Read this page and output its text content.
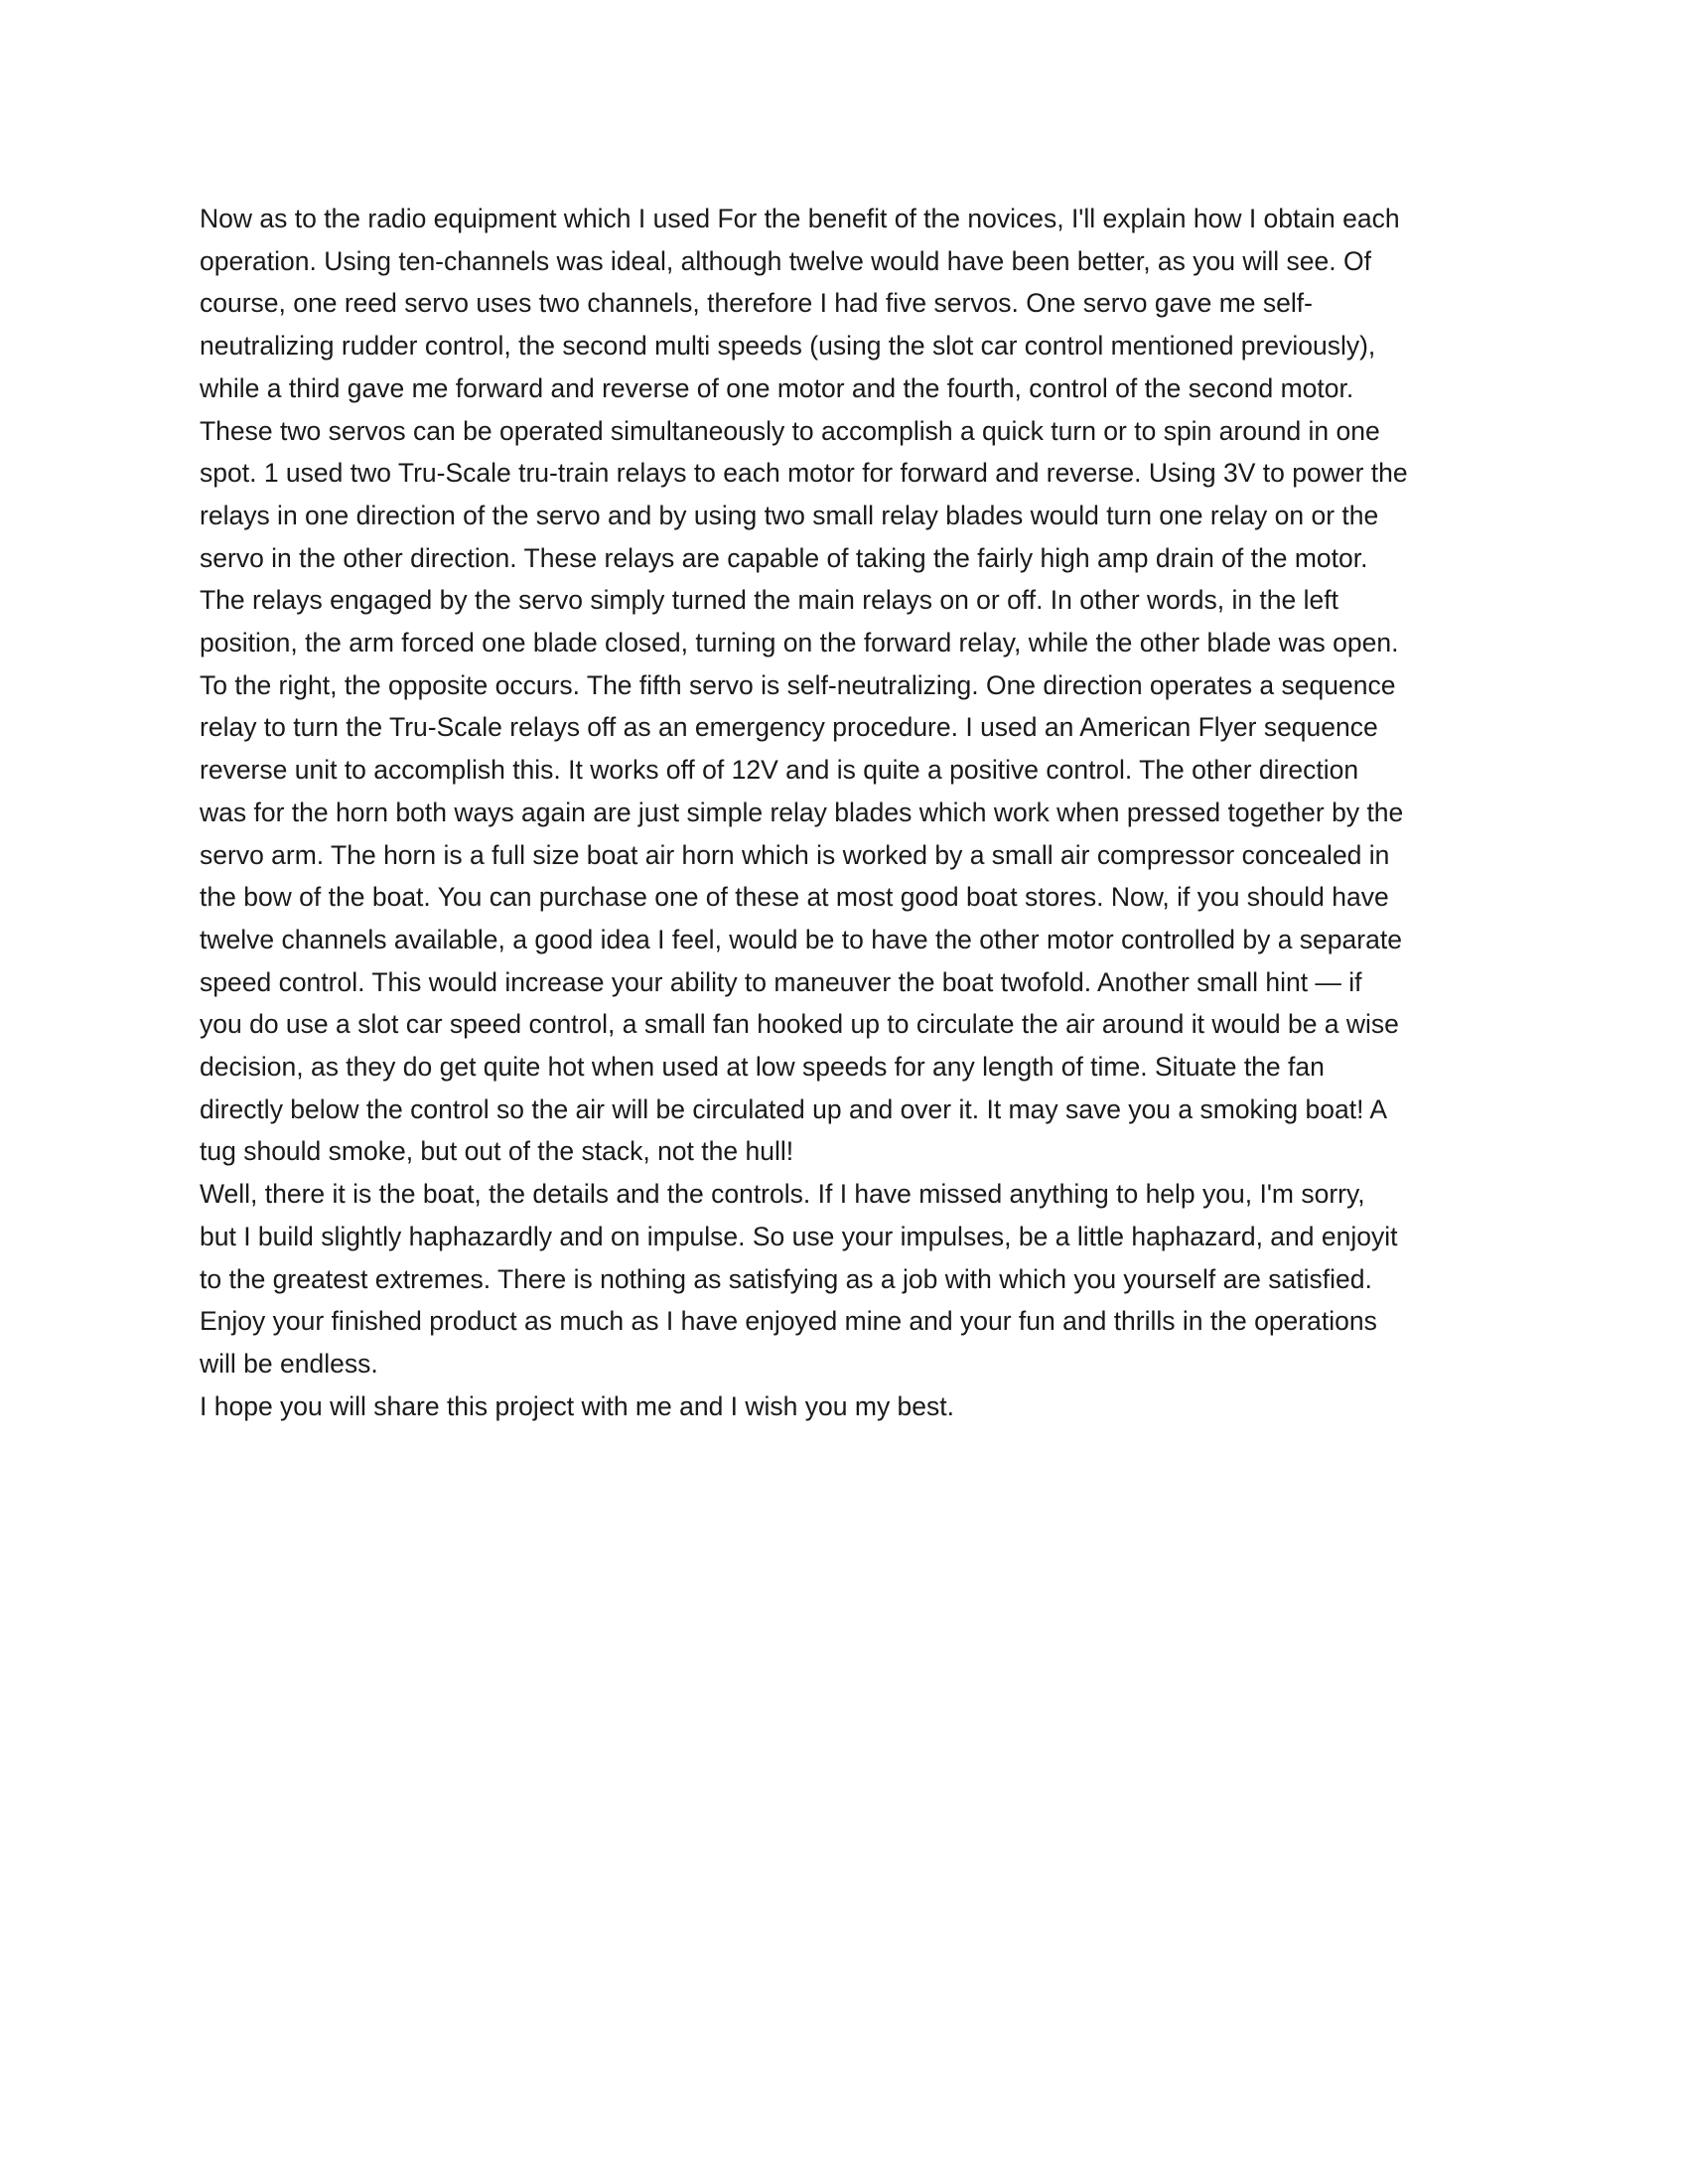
Now as to the radio equipment which I used For the benefit of the novices, I'll explain how I obtain each
operation. Using ten-channels was ideal, although twelve would have been better, as you will see. Of
course, one reed servo uses two channels, therefore I had five servos. One servo gave me self-
neutralizing rudder control, the second multi speeds (using the slot car control mentioned previously),
while a third gave me forward and reverse of one motor and the fourth, control of the second motor.
These two servos can be operated simultaneously to accomplish a quick turn or to spin around in one
spot. 1 used two Tru-Scale tru-train relays to each motor for forward and reverse. Using 3V to power the
relays in one direction of the servo and by using two small relay blades would turn one relay on or the
servo in the other direction. These relays are capable of taking the fairly high amp drain of the motor.
The relays engaged by the servo simply turned the main relays on or off. In other words, in the left
position, the arm forced one blade closed, turning on the forward relay, while the other blade was open.
To the right, the opposite occurs. The fifth servo is self-neutralizing. One direction operates a sequence
relay to turn the Tru-Scale relays off as an emergency procedure. I used an American Flyer sequence
reverse unit to accomplish this. It works off of 12V and is quite a positive control. The other direction
was for the horn both ways again are just simple relay blades which work when pressed together by the
servo arm. The horn is a full size boat air horn which is worked by a small air compressor concealed in
the bow of the boat. You can purchase one of these at most good boat stores. Now, if you should have
twelve channels available, a good idea I feel, would be to have the other motor controlled by a separate
speed control. This would increase your ability to maneuver the boat twofold. Another small hint — if
you do use a slot car speed control, a small fan hooked up to circulate the air around it would be a wise
decision, as they do get quite hot when used at low speeds for any length of time. Situate the fan
directly below the control so the air will be circulated up and over it. It may save you a smoking boat! A
tug should smoke, but out of the stack, not the hull!
Well, there it is the boat, the details and the controls. If I have missed anything to help you, I'm sorry,
but I build slightly haphazardly and on impulse. So use your impulses, be a little haphazard, and enjoyit
to the greatest extremes. There is nothing as satisfying as a job with which you yourself are satisfied.
Enjoy your finished product as much as I have enjoyed mine and your fun and thrills in the operations
will be endless.
I hope you will share this project with me and I wish you my best.
